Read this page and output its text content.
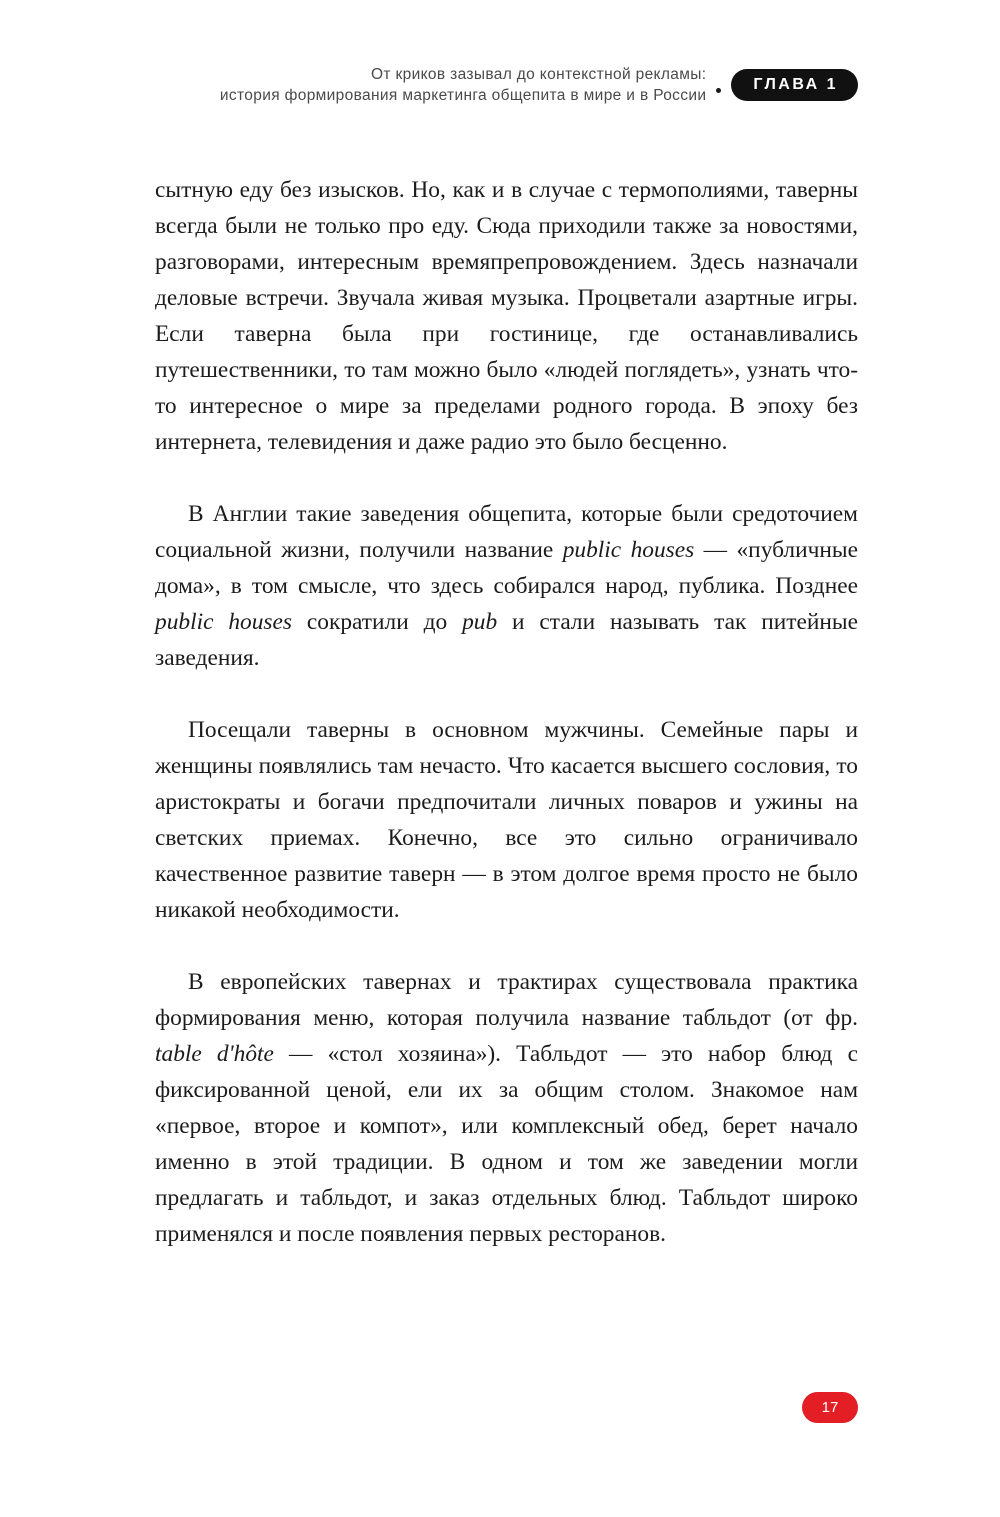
От криков зазывал до контекстной рекламы:
история формирования маркетинга общепита в мире и в России
ГЛАВА 1

сытную еду без изысков. Но, как и в случае с термополиями, таверны всегда были не только про еду. Сюда приходили также за новостями, разговорами, интересным времяпрепровождением. Здесь назначали деловые встречи. Звучала живая музыка. Процветали азартные игры. Если таверна была при гостинице, где останавливались путешественники, то там можно было «людей поглядеть», узнать что-то интересное о мире за пределами родного города. В эпоху без интернета, телевидения и даже радио это было бесценно.

В Англии такие заведения общепита, которые были средоточием социальной жизни, получили название public houses — «публичные дома», в том смысле, что здесь собирался народ, публика. Позднее public houses сократили до pub и стали называть так питейные заведения.

Посещали таверны в основном мужчины. Семейные пары и женщины появлялись там нечасто. Что касается высшего сословия, то аристократы и богачи предпочитали личных поваров и ужины на светских приемах. Конечно, все это сильно ограничивало качественное развитие таверн — в этом долгое время просто не было никакой необходимости.

В европейских тавернах и трактирах существовала практика формирования меню, которая получила название табльдот (от фр. table d'hôte — «стол хозяина»). Табльдот — это набор блюд с фиксированной ценой, ели их за общим столом. Знакомое нам «первое, второе и компот», или комплексный обед, берет начало именно в этой традиции. В одном и том же заведении могли предлагать и табльдот, и заказ отдельных блюд. Табльдот широко применялся и после появления первых ресторанов.

17
